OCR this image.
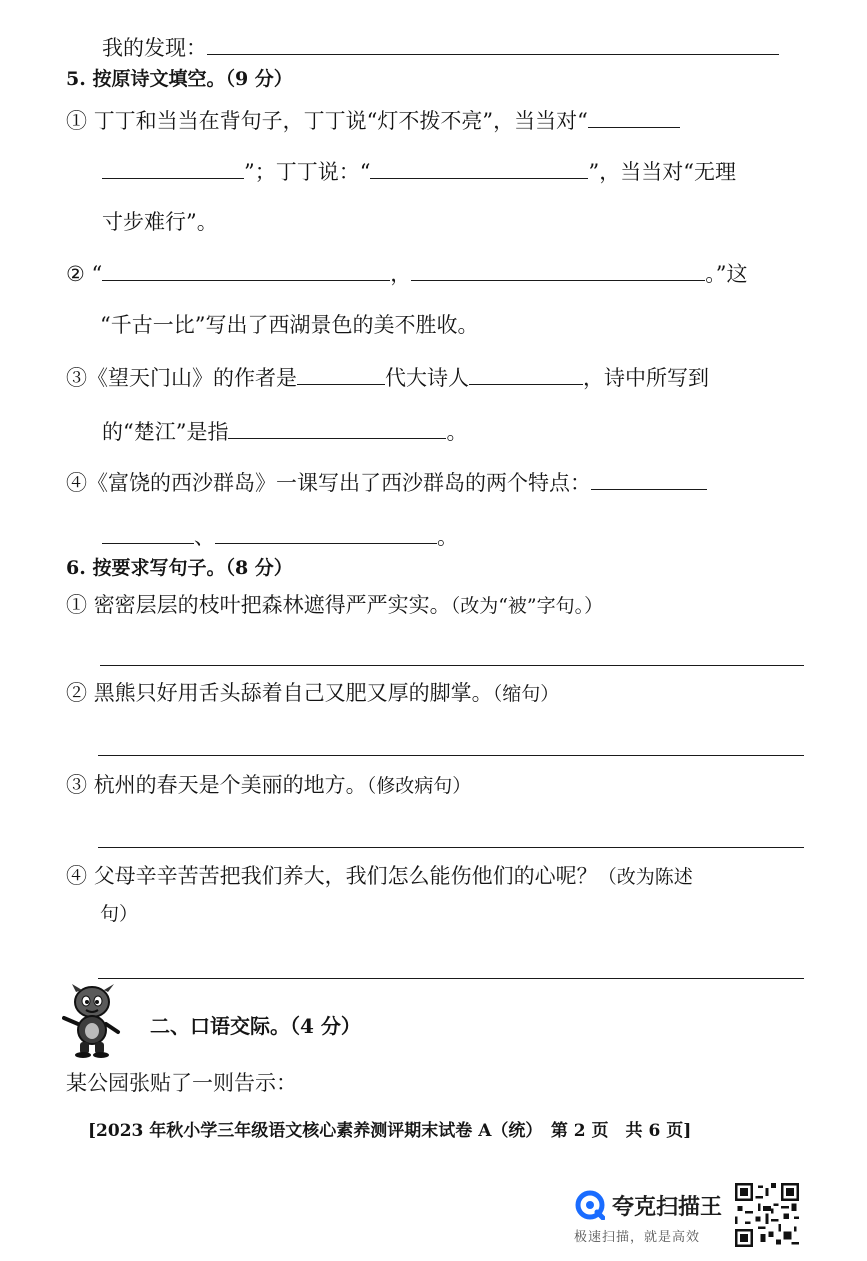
我的发现：
5. 按原诗文填空。（9 分）
① 丁丁和当当在背句子，丁丁说“灯不拨不亮”，当当对“
”；丁丁说：“	”，当当对“无理
寸步难行”。
② “	，	。”这
“千古一比”写出了西湖景色的美不胜收。
③《望天门山》的作者是	代大诗人	，诗中所写到
的“楚江”是指	。
④《富饶的西沙群岛》一课写出了西沙群岛的两个特点：
、	。
6. 按要求写句子。（8 分）
① 密密层层的枝叶把森林遮得严严实实。（改为“被”字句。）
② 黑熊只好用舌头舔着自己又肥又厚的脚掌。（缩句）
③ 杭州的春天是个美丽的地方。（修改病句）
④ 父母辛辛苦苦把我们养大，我们怎么能伤他们的心呢？（改为陈述
句）
二、口语交际。（4 分）
某公园张贴了一则告示：
[2023 年秋小学三年级语文核心素养测评期末试卷 A（统）　第 2 页　共 6 页]
夸克扫描王
极速扫描，就是高效
